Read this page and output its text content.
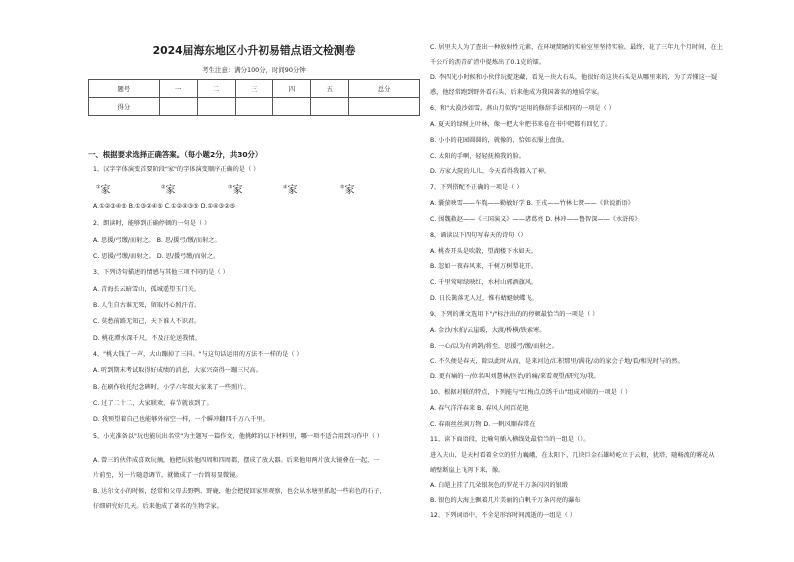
2024届海东地区小升初易错点语文检测卷
考生注意：满分100分，时间90分钟
题号	一	二	三	四	五	总分
得分						
一、根据要求选择正确答案。（每小题2分，共30分）
1、汉字字体演变首要阶段"家"的字体演变顺序正确的是（ ）
①家	②家	③家	④家	⑤家
A.①②③④⑤ B.①③②④⑤ C.①②④③⑤ D.①④③②⑤
2、朗读时，能够到正确停顿的一句是（ ）
A. 思援/弓缴/而射之。 B. 思/援弓/缴/而射之。
C. 思援/弓缴/而射之。 D. 思/援弓缴/而射之。
3、下列诗句描述的情感与其他三项不同的是（ ）
A. 青海长云暗雪山，孤城遥望玉门关。
B. 人生自古谁无死，留取丹心照汗青。
C. 莫愁前路无知己，天下谁人不识君。
D. 桃花潭水深千尺，不及汪伦送我情。
4、"桃大钱了一声，大山蹦掉了三抖。"与这句话运用的方法不一样的是（ ）
A. 听到期末考试取得好成绩的消息，大家兴奋得一蹦三尺高。
B. 在刷作收托纪念碑时，小学六年级大家来了一些照片。
C. 过了二十二，大家联欢，春节就该到了。
D. 我预望着自己也能够外宿空一样，一个瞬冲翻四千万八千里。
5、小光准备以"玩也能玩出名堂"为主题写一篇作文，他挑衅的以下材料里，哪一项不适合用到习作中（ ）
A. 曾三的伙伴成喜欢玩摘，他把玩转他四周和四周都，摆成了放大器。后来他用两片放大镜叠在一起，一
片前至，另一片随意调节，就做成了一台简易显微镜。
B. 达尔文小的时候，经常和父母去野鸭、野鹿，他会把捉回家里观察，也会从水塘里抓起一些彩色的石子，
仔细研究好几天。后来他成了著名的生物学家。
C. 居里夫人为了查出一种放射性元素，在环境简陋的实验室里坚持实验。最终，花了三年九个月时间，在上
千公斤的沥青矿渣中提炼出了0.1克的镭。
D. 李四光小时候和小伙伴玩捉迷藏，看见一块大石头，他很好奇这块石头是从哪里来的，为了弄懂这一疑
惑，他经常跑到野外看石头，后来他成为我国著名的地质学家。
6、和"大漠沙如雪，燕山月似钩"运用的修辞手法相同的一项是（ ）
A. 夏天的绿树上叶林，像一把大伞把书来卷在书中吧都有回忆了。
B. 小小的花园圆圆的，就像的，恰如衣服上盘放。
C. 太阳的手啊，轻轻抚摸我的脸。
D. 方家大院的儿儿，今天看得我都入了神。
7、下列搭配不正确的一项是（ ）
A. 囊萤映雪——车胤——勤敏好学 B. 王戎——竹林七贤——《世说新语》
C. 围魏救赵——《三国演义》——诸葛亮 D. 林冲——鲁智深——《水浒传》
8、诵读以下四句写春天的诗句（）
A. 桃杏开头是吹散，望湖楼下水如天。
B. 忽如一夜春风来，千树万树梨花开。
C. 千里莺啼绿映红，水村山郭酒旗风。
D. 日长篱落无人过，惟有蜻蜓蛱蝶飞。
9、下列的课文选用下"/"标注出的的停顿最恰当的一项是（ ）
A. 金沙/水拍/云崖暖，大渡/桥横/铁索寒。
B. 一心/以为有鸿鹄/将至，思援弓/缴/而射之。
C. 不久便是春天，除以此时从而，是来河边/汇积那里/满花/动的家会子地/看/相见时与的然。
D. 更有痛的一/位名叫刘慧林/医治/的痛/来看观望/研究为/我。
10、根据对联的特点，下列能与"红梅点点绣千山"组成对联的一项是（ ）
A. 春气洋洋春来 B. 春风人间百花艳
C. 春雨丝丝润万物 D. 一帆风顺春常在
11、读下面语段，比喻句插入横线处最恰当的一组是（）。
进入夫山，是天村看着全立的狂力巍峨，在太阳下，几块巨金石雄峙屹立于云般，犹塔，随畅流的雾花从
峭壁断崖上飞泻下来，像。
A. 白皑上挂了几朵银灰色的罗花千万条闪闪的银缎
B. 银色的大海上飘着几片美丽的白帆千万条闪亮的瀑布
12、下列词语中，不全是形容时间流逝的一组是（ ）
